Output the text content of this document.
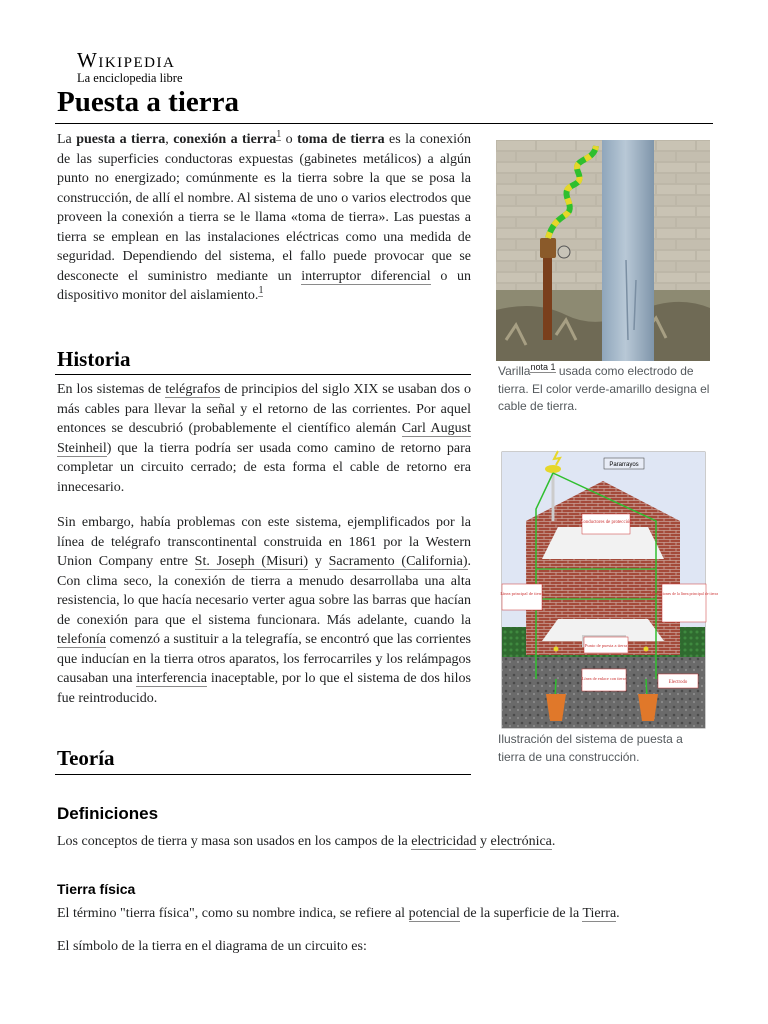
Wikipedia
La enciclopedia libre
Puesta a tierra

La puesta a tierra, conexión a tierra$^1$ o toma de tierra es la conexión de las superficies conductoras expuestas (gabinetes metálicos) a algún punto no energizado; comúnmente es la tierra sobre la que se posa la construcción, de allí el nombre. Al sistema de uno o varios electrodos que proveen la conexión a tierra se le llama «toma de tierra». Las puestas a tierra se emplean en las instalaciones eléctricas como una medida de seguridad. Dependiendo del sistema, el fallo puede provocar que se desconecte el suministro mediante un interruptor diferencial o un dispositivo monitor del aislamiento.$^1$

Historia

En los sistemas de telégrafos de principios del siglo XIX se usaban dos o más cables para llevar la señal y el retorno de las corrientes. Por aquel entonces se descubrió (probablemente el científico alemán Carl August Steinheil) que la tierra podría ser usada como camino de retorno para completar un circuito cerrado; de esta forma el cable de retorno era innecesario.

Sin embargo, había problemas con este sistema, ejemplificados por la línea de telégrafo transcontinental construida en 1861 por la Western Union Company entre St. Joseph (Misuri) y Sacramento (California). Con clima seco, la conexión de tierra a menudo desarrollaba una alta resistencia, lo que hacía necesario verter agua sobre las barras que hacían de conexión para que el sistema funcionara. Más adelante, cuando la telefonía comenzó a sustituir a la telegrafía, se encontró que las corrientes que inducían en la tierra otros aparatos, los ferrocarriles y los relámpagos causaban una interferencia inaceptable, por lo que el sistema de dos hilos fue reintroducido.

Teoría
Definiciones

Los conceptos de tierra y masa son usados en los campos de la electricidad y electrónica.

Tierra física

El término "tierra física", como su nombre indica, se refiere al potencial de la superficie de la Tierra.

El símbolo de la tierra en el diagrama de un circuito es:

Varilla$^{nota 1}$ usada como electrodo de tierra. El color verde-amarillo designa el cable de tierra.
Pararrayos
Conductores de protección
Línea principal de tierra	Derivaciones de la línea principal de tierra
Punto de puesta a tierra
Línea de enlace con tierra
Electrodo
Ilustración del sistema de puesta a tierra de una construcción.
